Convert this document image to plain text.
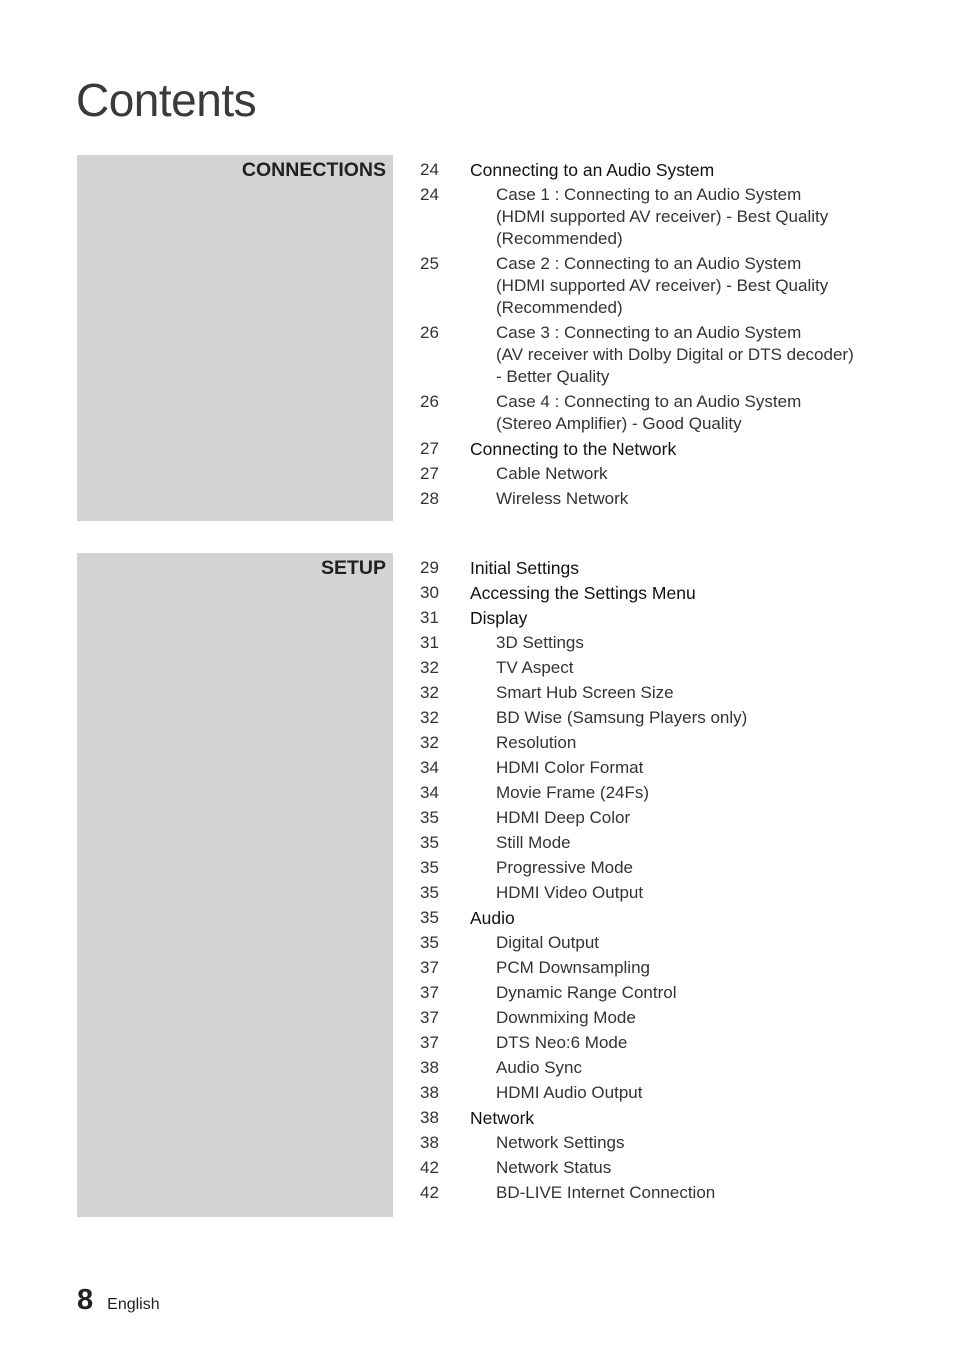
Contents
CONNECTIONS 24	Connecting to an Audio System
24	Case 1 : Connecting to an Audio System
(HDMI supported AV receiver) - Best Quality
(Recommended)
25	Case 2 : Connecting to an Audio System
(HDMI supported AV receiver) - Best Quality
(Recommended)
26	Case 3 : Connecting to an Audio System
(AV receiver with Dolby Digital or DTS decoder)
- Better Quality
26	Case 4 : Connecting to an Audio System
(Stereo Amplifier) - Good Quality
27	Connecting to the Network
27	Cable Network
28	Wireless Network
SETUP 29	Initial Settings
30	Accessing the Settings Menu
31	Display
31	3D Settings
32	TV Aspect
32	Smart Hub Screen Size
32	BD Wise (Samsung Players only)
32	Resolution
34	HDMI Color Format
34	Movie Frame (24Fs)
35	HDMI Deep Color
35	Still Mode
35	Progressive Mode
35	HDMI Video Output
35	Audio
35	Digital Output
37	PCM Downsampling
37	Dynamic Range Control
37	Downmixing Mode
37	DTS Neo:6 Mode
38	Audio Sync
38	HDMI Audio Output
38	Network
38	Network Settings
42	Network Status
42	BD-LIVE Internet Connection
8 English
